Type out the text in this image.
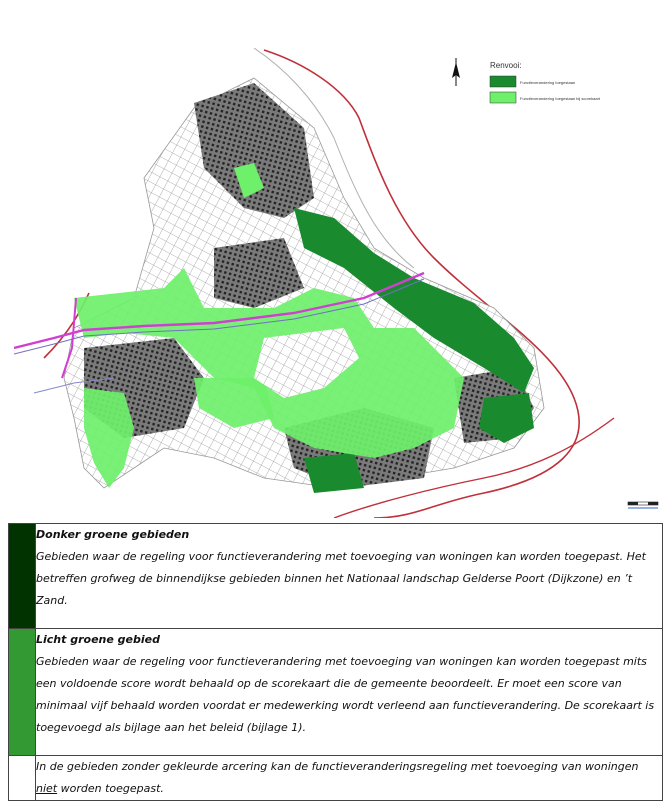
Renvooi:
Functieverandering toegestaan
Functieverandering toegestaan bij scorekaart

	Donker groene gebieden
Gebieden waar de regeling voor functieverandering met toevoeging van woningen kan worden toegepast. Het betreffen grofweg de binnendijkse gebieden binnen het Nationaal landschap Gelderse Poort (Dijkzone) en ’t Zand.

	Licht groene gebied
Gebieden waar de regeling voor functieverandering met toevoeging van woningen kan worden toegepast mits een voldoende score wordt behaald op de scorekaart die de gemeente beoordeelt. Er moet een score van minimaal vijf behaald worden voordat er medewerking wordt verleend aan functieverandering. De scorekaart is toegevoegd als bijlage aan het beleid (bijlage 1).
	In de gebieden zonder gekleurde arcering kan de functieveranderingsregeling met toevoeging van woningen niet worden toegepast.
